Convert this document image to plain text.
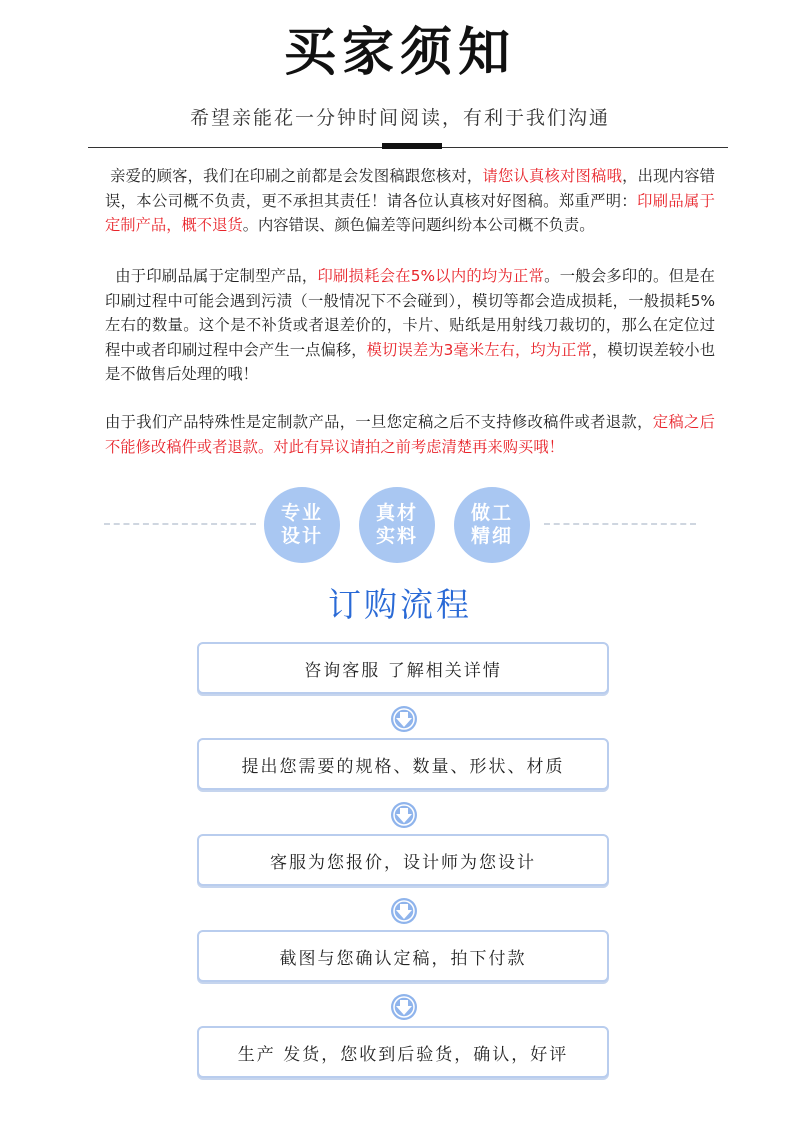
买家须知
希望亲能花一分钟时间阅读，有利于我们沟通

亲爱的顾客，我们在印刷之前都是会发图稿跟您核对，请您认真核对图稿哦，出现内容错误，本公司概不负责，更不承担其责任！请各位认真核对好图稿。郑重严明：印刷品属于定制产品，概不退货。内容错误、颜色偏差等问题纠纷本公司概不负责。

由于印刷品属于定制型产品，印刷损耗会在5%以内的均为正常。一般会多印的。但是在印刷过程中可能会遇到污渍（一般情况下不会碰到），模切等都会造成损耗，一般损耗5%左右的数量。这个是不补货或者退差价的，卡片、贴纸是用射线刀裁切的，那么在定位过程中或者印刷过程中会产生一点偏移，模切误差为3毫米左右，均为正常，模切误差较小也是不做售后处理的哦！

由于我们产品特殊性是定制款产品，一旦您定稿之后不支持修改稿件或者退款，定稿之后不能修改稿件或者退款。对此有异议请拍之前考虑清楚再来购买哦！

专业
设计
真材
实料
做工
精细
订购流程
咨询客服 了解相关详情
提出您需要的规格、数量、形状、材质
客服为您报价，设计师为您设计
截图与您确认定稿，拍下付款
生产 发货，您收到后验货，确认，好评
